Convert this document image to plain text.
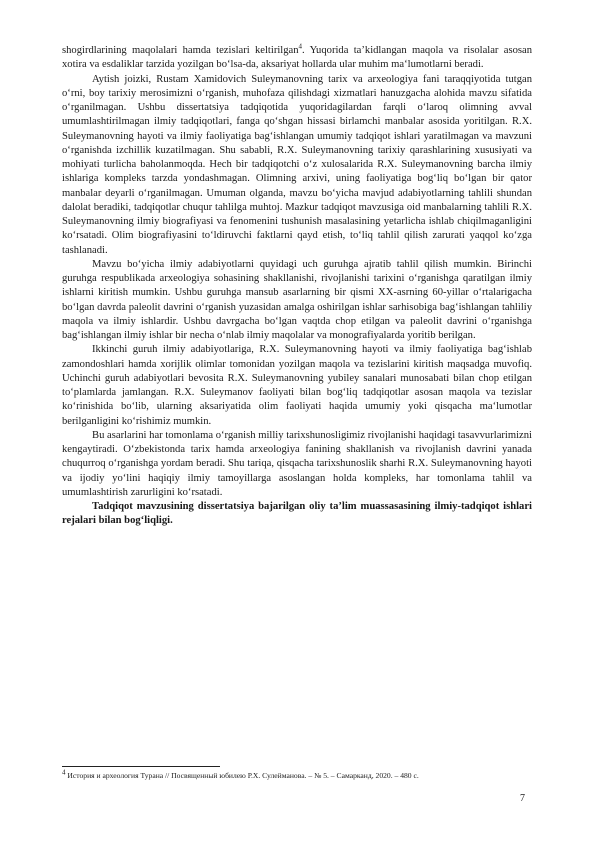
shogirdlarining maqolalari hamda tezislari keltirilgan$^4$. Yuqorida ta’kidlangan maqola va risolalar asosan xotira va esdaliklar tarzida yozilgan bo‘lsa-da, aksariyat hollarda ular muhim ma‘lumotlarni beradi.

Aytish joizki, Rustam Xamidovich Suleymanovning tarix va arxeologiya fani taraqqiyotida tutgan o‘rni, boy tarixiy merosimizni o‘rganish, muhofaza qilishdagi xizmatlari hanuzgacha alohida mavzu sifatida o‘rganilmagan. Ushbu dissertatsiya tadqiqotida yuqoridagilardan farqli o‘laroq olimning avval umumlashtirilmagan ilmiy tadqiqotlari, fanga qo‘shgan hissasi birlamchi manbalar asosida yoritilgan. R.X. Suleymanovning hayoti va ilmiy faoliyatiga bag‘ishlangan umumiy tadqiqot ishlari yaratilmagan va mavzuni o‘rganishda izchillik kuzatilmagan. Shu sababli, R.X. Suleymanovning tarixiy qarashlarining xususiyati va mohiyati turlicha baholanmoqda. Hech bir tadqiqotchi o‘z xulosalarida R.X. Suleymanovning barcha ilmiy ishlariga kompleks tarzda yondashmagan. Olimning arxivi, uning faoliyatiga bog‘liq bo‘lgan bir qator manbalar deyarli o‘rganilmagan. Umuman olganda, mavzu bo‘yicha mavjud adabiyotlarning tahlili shundan dalolat beradiki, tadqiqotlar chuqur tahlilga muhtoj. Mazkur tadqiqot mavzusiga oid manbalarning tahlili R.X. Suleymanovning ilmiy biografiyasi va fenomenini tushunish masalasining yetarlicha ishlab chiqilmaganligini ko‘rsatadi. Olim biografiyasini to‘ldiruvchi faktlarni qayd etish, to‘liq tahlil qilish zarurati yaqqol ko‘zga tashlanadi.

Mavzu bo‘yicha ilmiy adabiyotlarni quyidagi uch guruhga ajratib tahlil qilish mumkin. Birinchi guruhga respublikada arxeologiya sohasining shakllanishi, rivojlanishi tarixini o‘rganishga qaratilgan ilmiy ishlarni kiritish mumkin. Ushbu guruhga mansub asarlarning bir qismi XX-asrning 60-yillar o‘rtalarigacha bo‘lgan davrda paleolit davrini o‘rganish yuzasidan amalga oshirilgan ishlar sarhisobiga bag‘ishlangan tahliliy maqola va ilmiy ishlardir. Ushbu davrgacha bo‘lgan vaqtda chop etilgan va paleolit davrini o‘rganishga bag‘ishlangan ilmiy ishlar bir necha o‘nlab ilmiy maqolalar va monografiyalarda yoritib berilgan.

Ikkinchi guruh ilmiy adabiyotlariga, R.X. Suleymanovning hayoti va ilmiy faoliyatiga bag‘ishlab zamondoshlari hamda xorijlik olimlar tomonidan yozilgan maqola va tezislarini kiritish maqsadga muvofiq. Uchinchi guruh adabiyotlari bevosita R.X. Suleymanovning yubiley sanalari munosabati bilan chop etilgan to‘plamlarda jamlangan. R.X. Suleymanov faoliyati bilan bog‘liq tadqiqotlar asosan maqola va tezislar ko‘rinishida bo‘lib, ularning aksariyatida olim faoliyati haqida umumiy yoki qisqacha ma‘lumotlar berilganligini ko‘rishimiz mumkin.

Bu asarlarini har tomonlama o‘rganish milliy tarixshunosligimiz rivojlanishi haqidagi tasavvurlarimizni kengaytiradi. O‘zbekistonda tarix hamda arxeologiya fanining shakllanish va rivojlanish davrini yanada chuqurroq o‘rganishga yordam beradi. Shu tariqa, qisqacha tarixshunoslik sharhi R.X. Suleymanovning hayoti va ijodiy yo‘lini haqiqiy ilmiy tamoyillarga asoslangan holda kompleks, har tomonlama tahlil va umumlashtirish zarurligini ko‘rsatadi.

Tadqiqot mavzusining dissertatsiya bajarilgan oliy ta’lim muassasasining ilmiy-tadqiqot ishlari rejalari bilan bog‘liqligi.

$^4$ История и археология Турана // Посвященный юбилею Р.Х. Сулейманова. – № 5. – Самарканд, 2020. – 480 с.
7
